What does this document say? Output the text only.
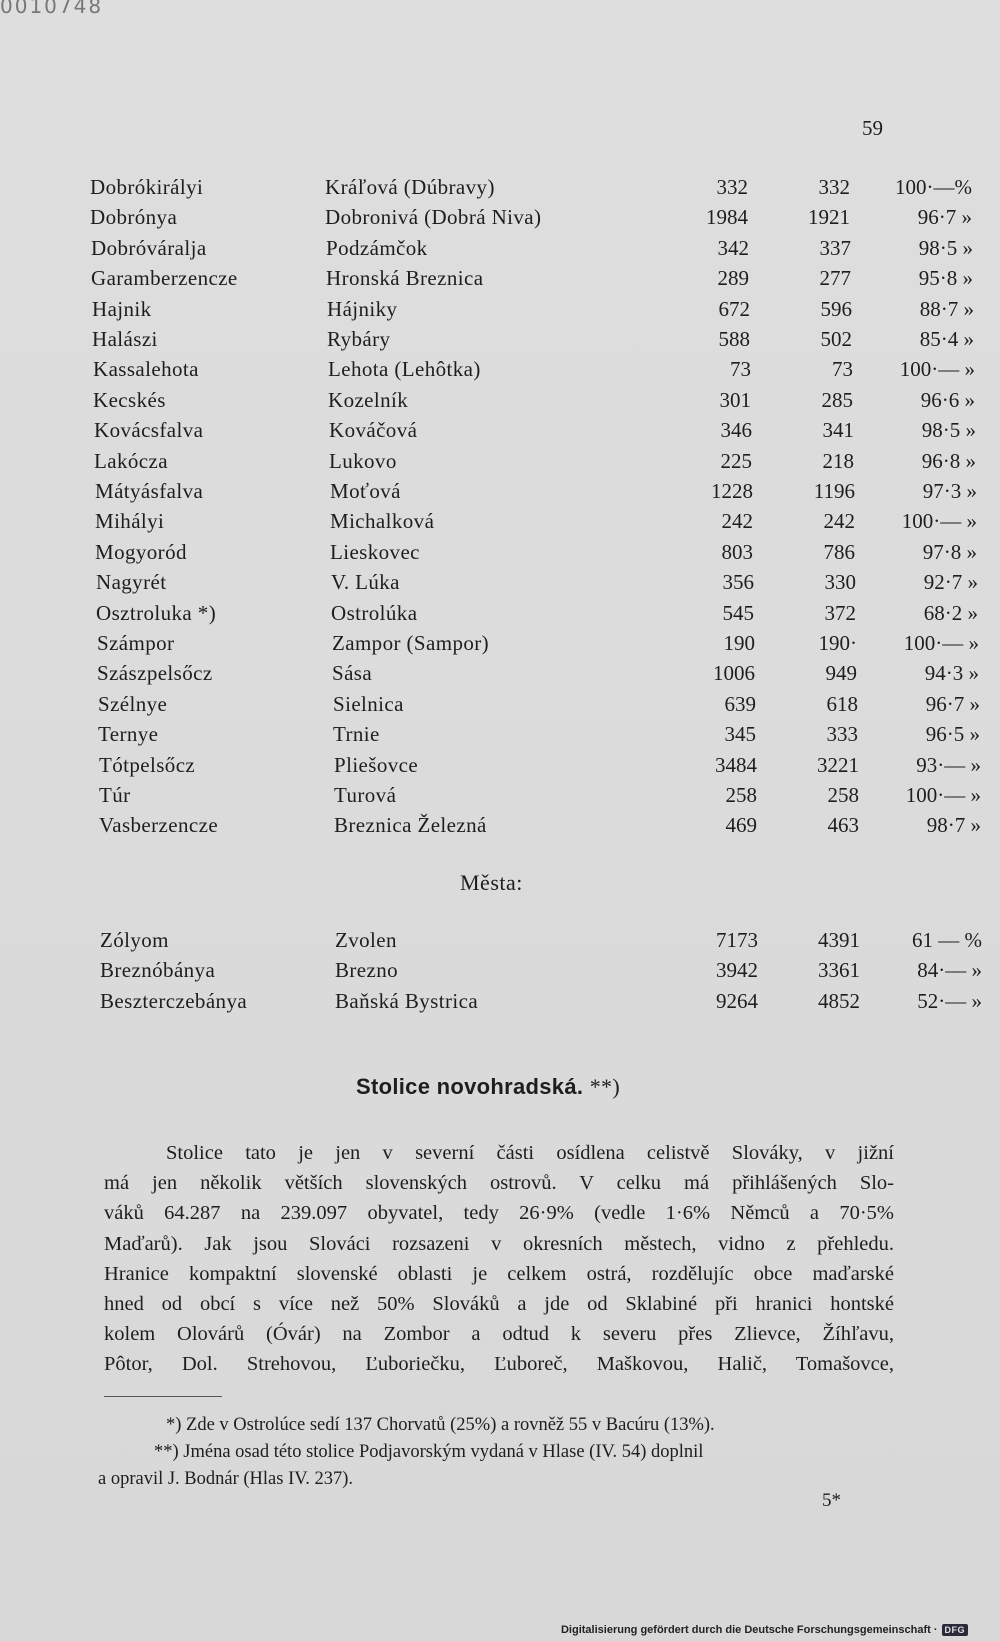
0010748
59
Dobrókirályi	Kráľová (Dúbravy)	332	332 100·—%
Dobrónya	Dobronivá (Dobrá Niva)	1984	1921	96·7 »
Dobróváralja	Podzámčok	342	337	98·5 »
Garamberzencze	Hronská Breznica	289	277	95·8 »
Hajnik	Hájniky	672	596	88·7 »
Halászi	Rybáry	588	502	85·4 »
Kassalehota	Lehota (Lehôtka)	73	73 100·— »
Kecskés	Kozelník	301	285	96·6 »
Kovácsfalva	Kováčová	346	341	98·5 »
Lakócza	Lukovo	225	218	96·8 »
Mátyásfalva	Moťová	1228	1196	97·3 »
Mihályi	Michalková	242	242 100·— »
Mogyoród	Lieskovec	803	786	97·8 »
Nagyrét	V. Lúka	356	330	92·7 »
Osztroluka *)	Ostrolúka	545	372	68·2 »
Számpor	Zampor (Sampor)	190	190· 100·— »
Szászpelsőcz	Sása	1006	949	94·3 »
Szélnye	Sielnica	639	618	96·7 »
Ternye	Trnie	345	333	96·5 »
Tótpelsőcz	Pliešovce	3484	3221	93·— »
Túr	Turová	258	258 100·— »
Vasberzencze	Breznica Železná	469	463	98·7 »
Města:
Zólyom	Zvolen	7173	4391 61 — %
Breznóbánya	Brezno	3942	3361	84·— »
Beszterczebánya	Baňská Bystrica	9264	4852	52·— »
Stolice novohradská. **)

Stolice tato je jen v severní části osídlena celistvě Slováky, v jižní

má jen několik větších slovenských ostrovů. V celku má přihlášených Slo-

váků 64.287 na 239.097 obyvatel, tedy 26·9% (vedle 1·6% Němců a 70·5%

Maďarů). Jak jsou Slováci rozsazeni v okresních městech, vidno z přehledu.

Hranice kompaktní slovenské oblasti je celkem ostrá, rozdělujíc obce maďarské

hned od obcí s více než 50% Slováků a jde od Sklabiné při hranici hontské

kolem Olovárů (Óvár) na Zombor a odtud k severu přes Zlievce, Žíhľavu,

Pôtor, Dol. Strehovou, Ľuboriečku, Ľuboreč, Maškovou, Halič, Tomašovce,

*) Zde v Ostrolúce sedí 137 Chorvatů (25%) a rovněž 55 v Bacúru (13%).
**) Jména osad této stolice Podjavorským vydaná v Hlase (IV. 54) doplnil
a opravil J. Bodnár (Hlas IV. 237).
5*
Digitalisierung gefördert durch die Deutsche Forschungsgemeinschaft · DFG
